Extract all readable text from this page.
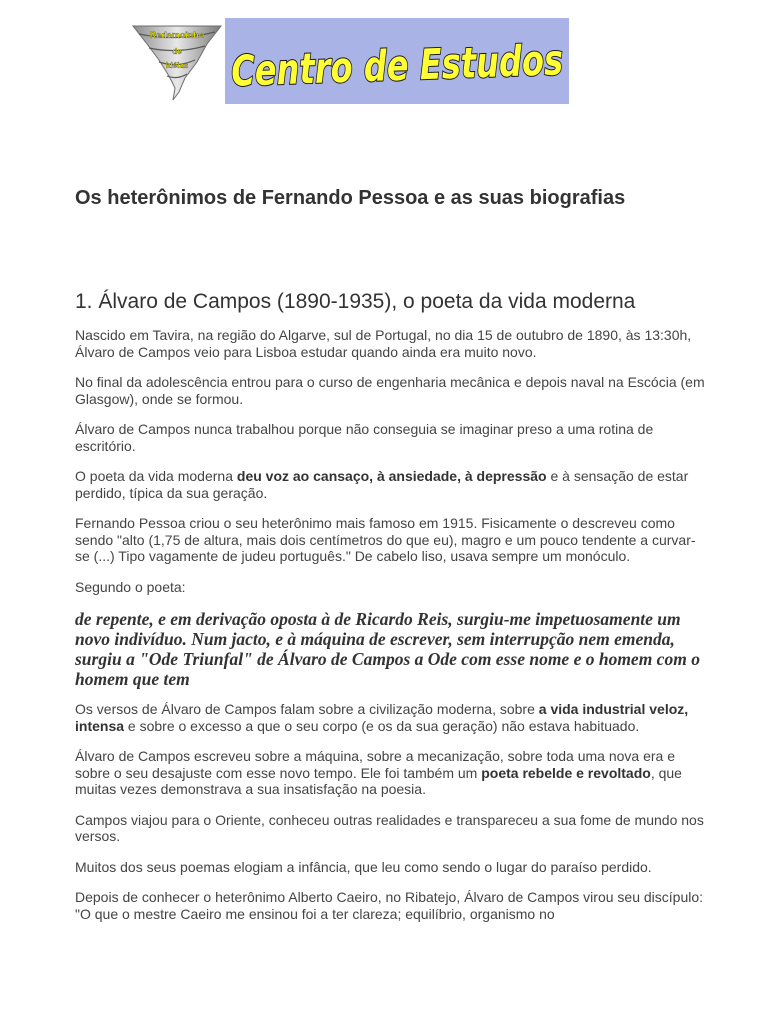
Redemoinho
de
Idéias Centro de Estudos
Os heterônimos de Fernando Pessoa e as suas biografias
1. Álvaro de Campos (1890-1935), o poeta da vida moderna

Nascido em Tavira, na região do Algarve, sul de Portugal, no dia 15 de outubro de 1890, às 13:30h, Álvaro de Campos veio para Lisboa estudar quando ainda era muito novo.

No final da adolescência entrou para o curso de engenharia mecânica e depois naval na Escócia (em Glasgow), onde se formou.

Álvaro de Campos nunca trabalhou porque não conseguia se imaginar preso a uma rotina de escritório.

O poeta da vida moderna deu voz ao cansaço, à ansiedade, à depressão e à sensação de estar perdido, típica da sua geração.

Fernando Pessoa criou o seu heterônimo mais famoso em 1915. Fisicamente o descreveu como sendo "alto (1,75 de altura, mais dois centímetros do que eu), magro e um pouco tendente a curvar-se (...) Tipo vagamente de judeu português." De cabelo liso, usava sempre um monóculo.

Segundo o poeta:

de repente, e em derivação oposta à de Ricardo Reis, surgiu-me impetuosamente um novo indivíduo. Num jacto, e à máquina de escrever, sem interrupção nem emenda, surgiu a "Ode Triunfal" de Álvaro de Campos a Ode com esse nome e o homem com o homem que tem

Os versos de Álvaro de Campos falam sobre a civilização moderna, sobre a vida industrial veloz, intensa e sobre o excesso a que o seu corpo (e os da sua geração) não estava habituado.

Álvaro de Campos escreveu sobre a máquina, sobre a mecanização, sobre toda uma nova era e sobre o seu desajuste com esse novo tempo. Ele foi também um poeta rebelde e revoltado, que muitas vezes demonstrava a sua insatisfação na poesia.

Campos viajou para o Oriente, conheceu outras realidades e transpareceu a sua fome de mundo nos versos.

Muitos dos seus poemas elogiam a infância, que leu como sendo o lugar do paraíso perdido.

Depois de conhecer o heterônimo Alberto Caeiro, no Ribatejo, Álvaro de Campos virou seu discípulo: "O que o mestre Caeiro me ensinou foi a ter clareza; equilíbrio, organismo no
